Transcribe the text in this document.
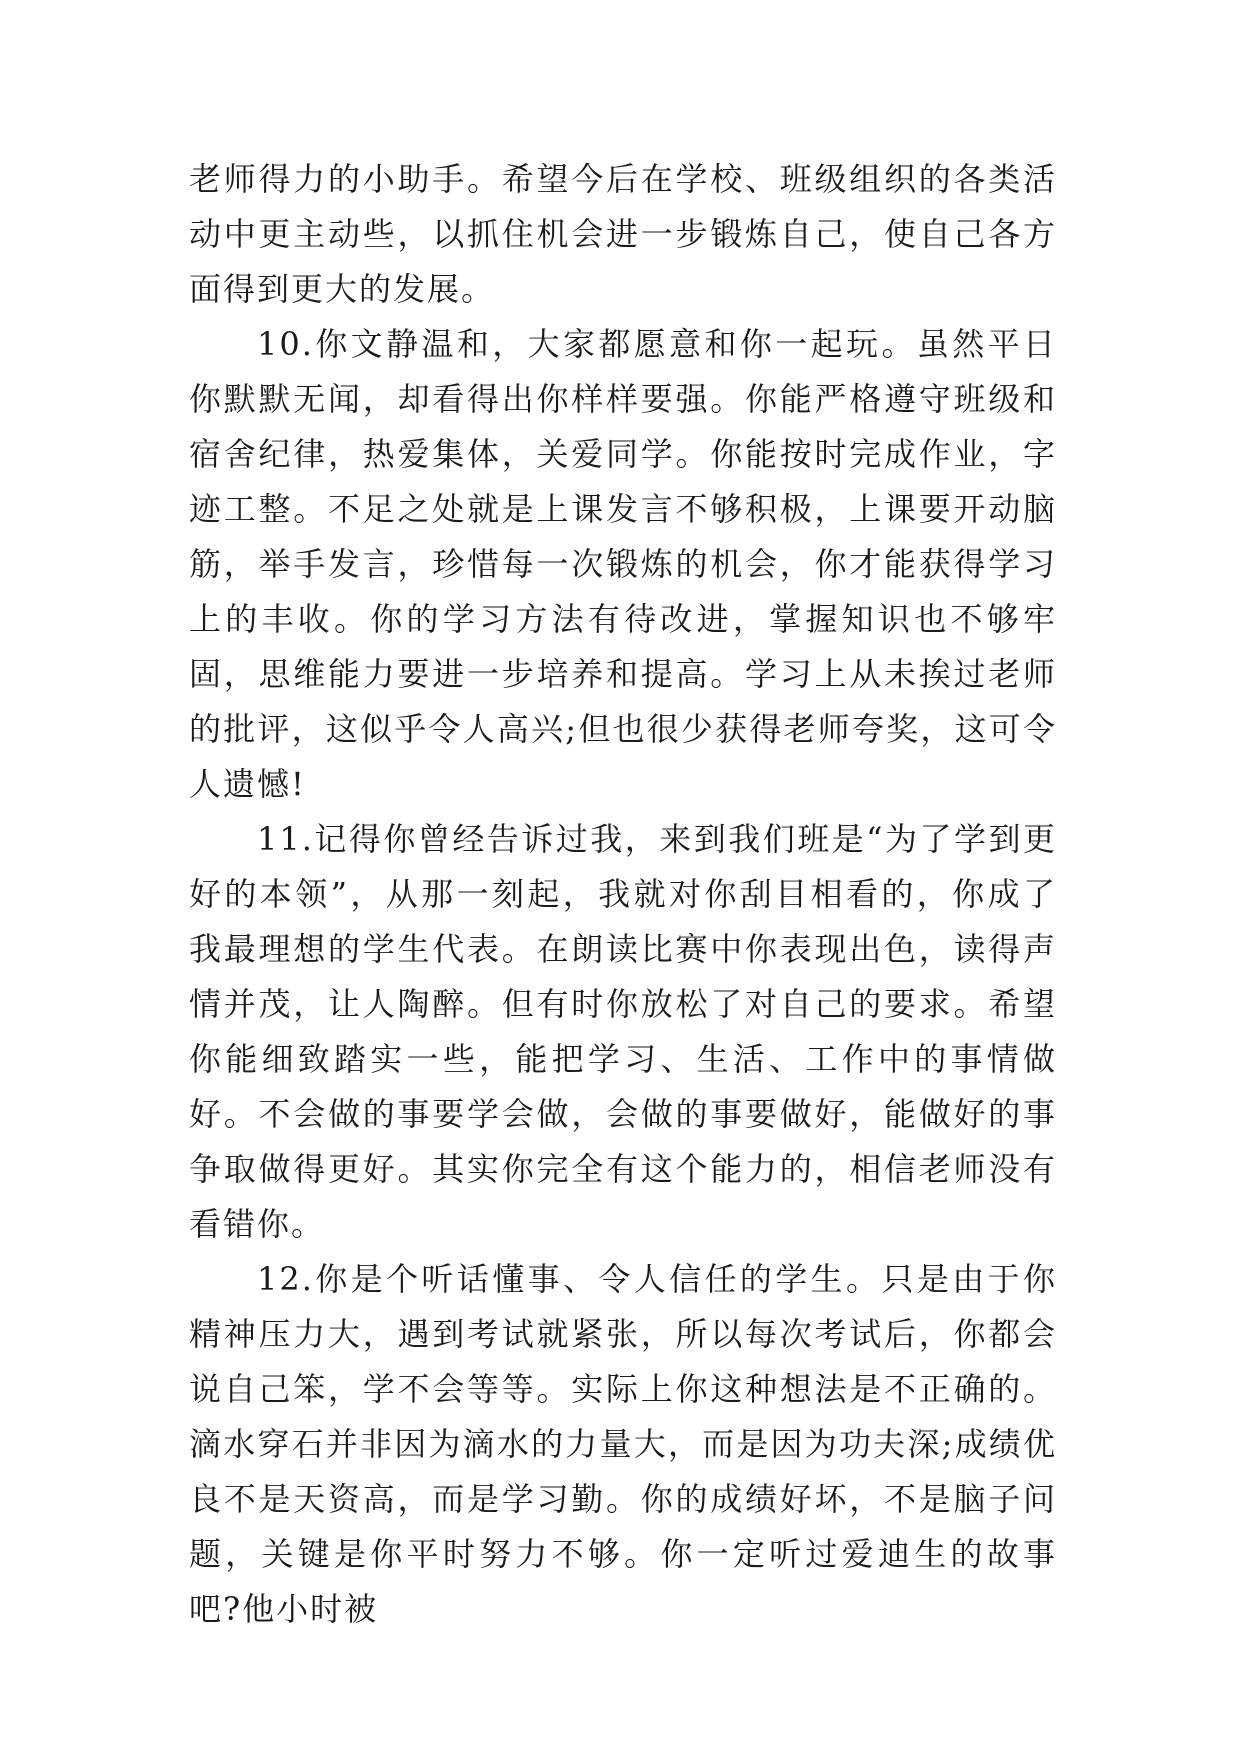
老师得力的小助手。希望今后在学校、班级组织的各类活动中更主动些，以抓住机会进一步锻炼自己，使自己各方面得到更大的发展。

10.你文静温和，大家都愿意和你一起玩。虽然平日你默默无闻，却看得出你样样要强。你能严格遵守班级和宿舍纪律，热爱集体，关爱同学。你能按时完成作业，字迹工整。不足之处就是上课发言不够积极，上课要开动脑筋，举手发言，珍惜每一次锻炼的机会，你才能获得学习上的丰收。你的学习方法有待改进，掌握知识也不够牢固，思维能力要进一步培养和提高。学习上从未挨过老师的批评，这似乎令人高兴;但也很少获得老师夸奖，这可令人遗憾!

11.记得你曾经告诉过我，来到我们班是“为了学到更好的本领”，从那一刻起，我就对你刮目相看的，你成了我最理想的学生代表。在朗读比赛中你表现出色，读得声情并茂，让人陶醉。但有时你放松了对自己的要求。希望你能细致踏实一些，能把学习、生活、工作中的事情做好。不会做的事要学会做，会做的事要做好，能做好的事争取做得更好。其实你完全有这个能力的，相信老师没有看错你。

12.你是个听话懂事、令人信任的学生。只是由于你精神压力大，遇到考试就紧张，所以每次考试后，你都会说自己笨，学不会等等。实际上你这种想法是不正确的。滴水穿石并非因为滴水的力量大，而是因为功夫深;成绩优良不是天资高，而是学习勤。你的成绩好坏，不是脑子问题，关键是你平时努力不够。你一定听过爱迪生的故事吧?他小时被
